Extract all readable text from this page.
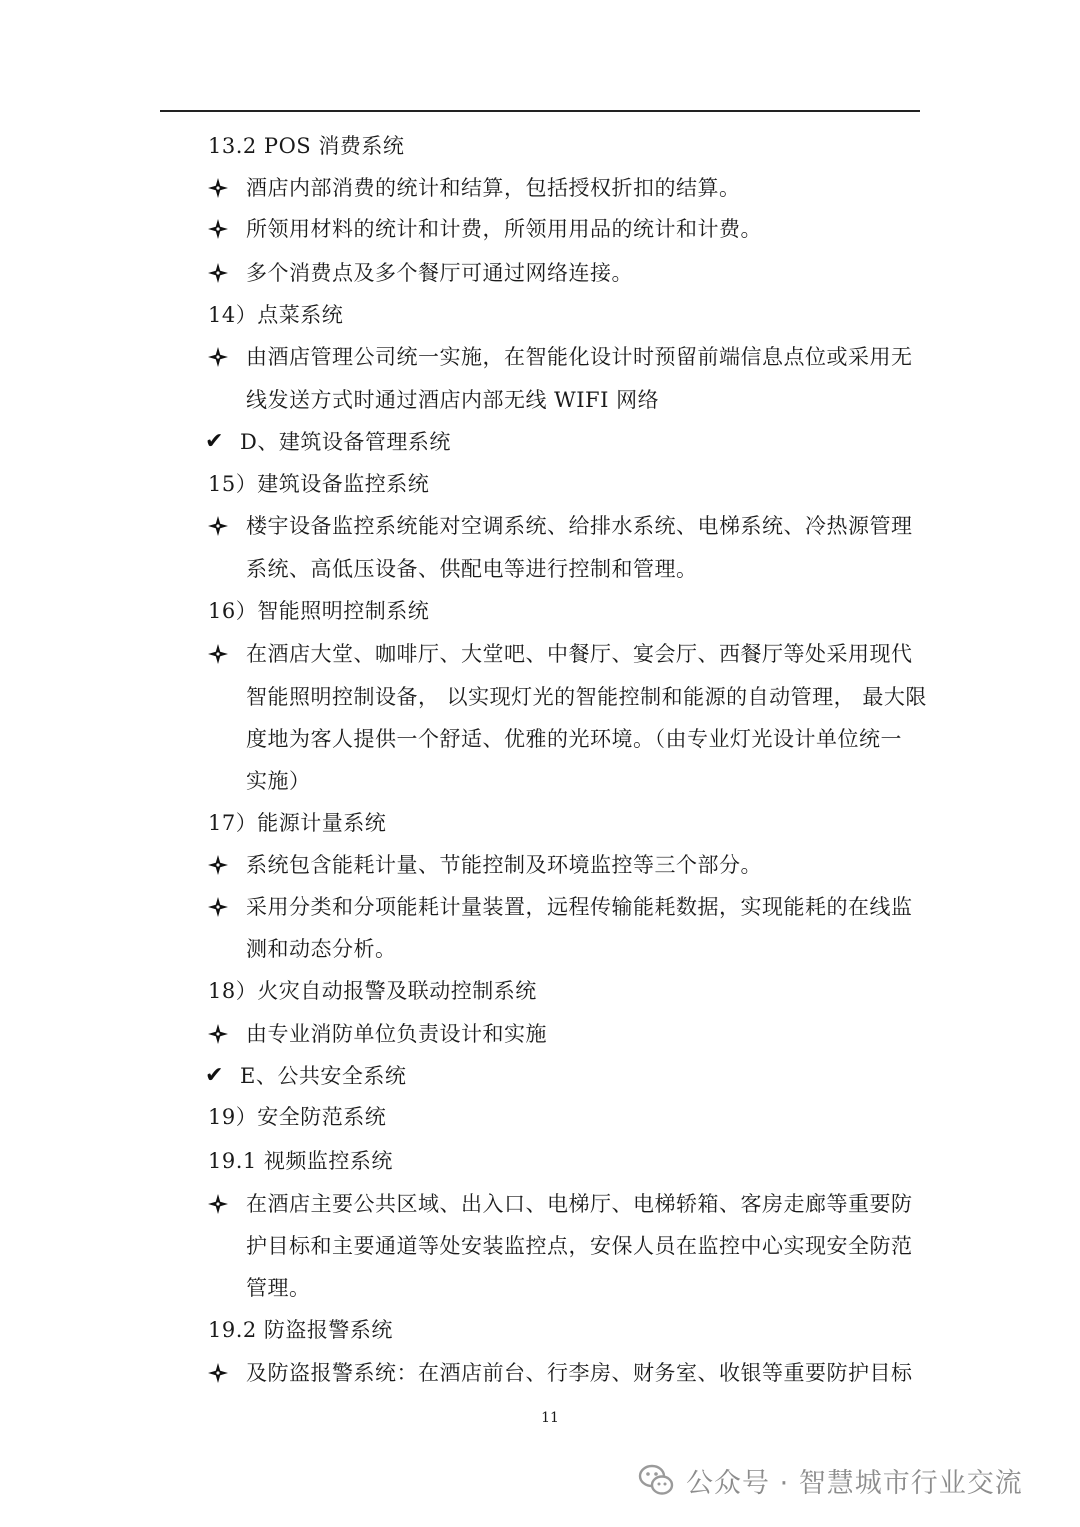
13.2 POS 消费系统
酒店内部消费的统计和结算，包括授权折扣的结算。
所领用材料的统计和计费，所领用用品的统计和计费。
多个消费点及多个餐厅可通过网络连接。
14）点菜系统
由酒店管理公司统一实施，在智能化设计时预留前端信息点位或采用无
线发送方式时通过酒店内部无线 WIFI 网络
✔ D、建筑设备管理系统
15）建筑设备监控系统
楼宇设备监控系统能对空调系统、给排水系统、电梯系统、冷热源管理
系统、高低压设备、供配电等进行控制和管理。
16）智能照明控制系统
在酒店大堂、咖啡厅、大堂吧、中餐厅、宴会厅、西餐厅等处采用现代
智能照明控制设备， 以实现灯光的智能控制和能源的自动管理， 最大限
度地为客人提供一个舒适、优雅的光环境。（由专业灯光设计单位统一
实施）
17）能源计量系统
系统包含能耗计量、节能控制及环境监控等三个部分。
采用分类和分项能耗计量装置，远程传输能耗数据，实现能耗的在线监
测和动态分析。
18）火灾自动报警及联动控制系统
由专业消防单位负责设计和实施
✔ E、公共安全系统
19）安全防范系统
19.1 视频监控系统
在酒店主要公共区域、出入口、电梯厅、电梯轿箱、客房走廊等重要防
护目标和主要通道等处安装监控点，安保人员在监控中心实现安全防范
管理。
19.2 防盗报警系统
及防盗报警系统：在酒店前台、行李房、财务室、收银等重要防护目标
11
公众号 · 智慧城市行业交流
